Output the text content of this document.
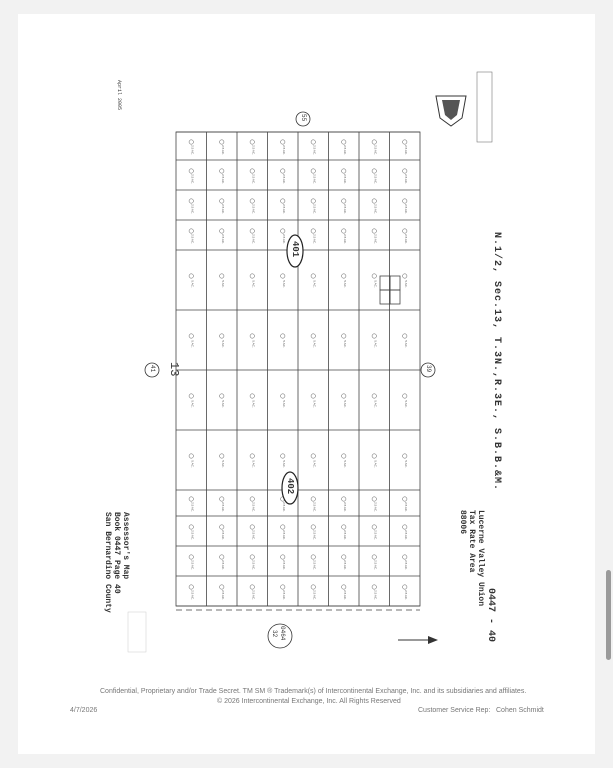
2.5 AC.	2.5 AC.	2.5 AC.	2.5 AC.	2.5 AC.	2.5 AC.	2.5 AC.	2.5 AC.
2.5 AC.	2.5 AC.	2.5 AC.	2.5 AC.	2.5 AC.	2.5 AC.	2.5 AC.	2.5 AC.
2.5 AC.	2.5 AC.	2.5 AC.	2.5 AC.	2.5 AC.	2.5 AC.	2.5 AC.	2.5 AC.
2.5 AC.	2.5 AC.	2.5 AC.	2.5 AC.	2.5 AC.	2.5 AC.	2.5 AC.	2.5 AC.
5 AC.	5 AC.	5 AC.	5 AC.	5 AC.	5 AC.	5 AC.	5 AC.
5 AC.	5 AC.	5 AC.	5 AC.	5 AC.	5 AC.	5 AC.	5 AC.
5 AC.	5 AC.	5 AC.	5 AC.	5 AC.	5 AC.	5 AC.	5 AC.
5 AC.	5 AC.	5 AC.	5 AC.	5 AC.	5 AC.	5 AC.	5 AC.
2.5 AC.	2.5 AC.	2.5 AC.	2.5 AC.	2.5 AC.	2.5 AC.	2.5 AC.	2.5 AC.
2.5 AC.	2.5 AC.	2.5 AC.	2.5 AC.	2.5 AC.	2.5 AC.	2.5 AC.	2.5 AC.
2.5 AC.	2.5 AC.	2.5 AC.	2.5 AC.	2.5 AC.	2.5 AC.	2.5 AC.	2.5 AC.
2.5 AC.	2.5 AC.	2.5 AC.	2.5 AC.	2.5 AC.	2.5 AC.	2.5 AC.	2.5 AC.
N.1/2, Sec.13, T.3N.,R.3E., S.B.B.&M.
0447 - 40
Lucerne Valley Union
Tax Rate Area
88006
Assessor's Map
Book 0447 Page 40
San Bernardino County
April 2005
401
402
55
41	39
13
0464
32
Confidential, Proprietary and/or Trade Secret. TM SM ® Trademark(s) of Intercontinental Exchange, Inc. and its subsidiaries and affiliates.
© 2026 Intercontinental Exchange, Inc. All Rights Reserved
4/7/2026	Customer Service Rep: Cohen Schmidt
